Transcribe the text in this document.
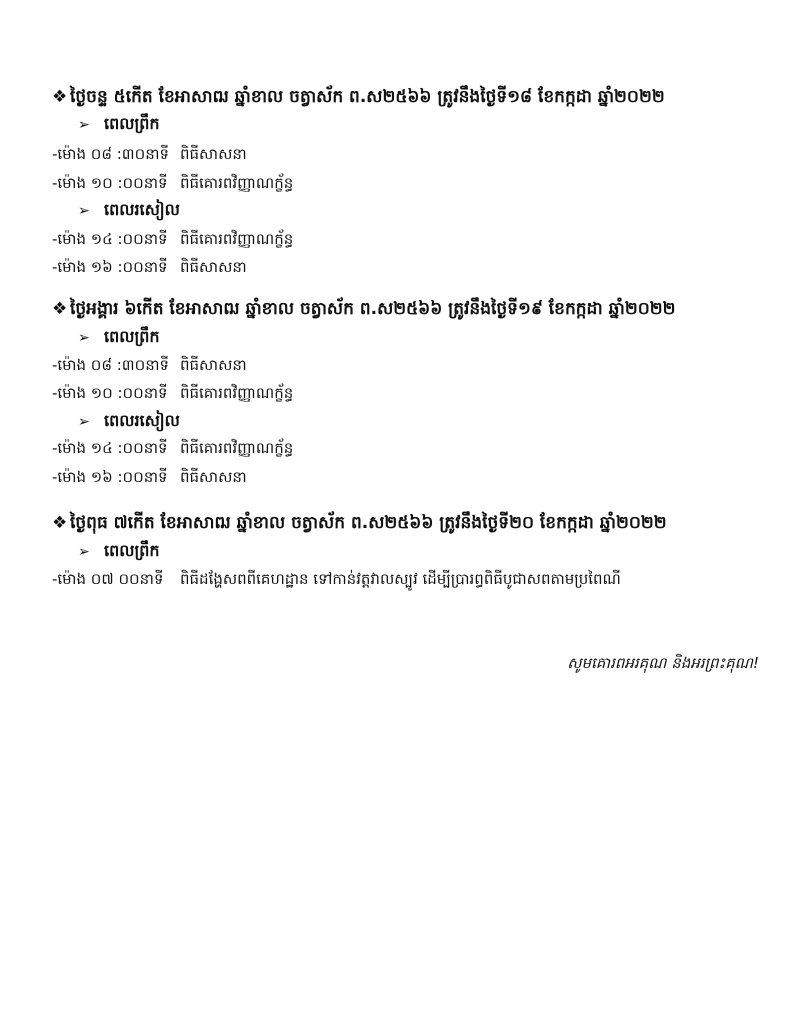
❖ ថ្ងៃចន្ទ ៥កេីត ខែអាសាឍ ឆ្នាំខាល ចត្វាស័ក ព.ស២៥៦៦ ត្រូវនឹងថ្ងៃទី១៨ ខែកក្កដា ឆ្នាំ២០២២
➢ ពេលព្រឹក
-ម៉ោង ០៨ :៣០នាទី ពិធីសាសនា
-ម៉ោង ១០ :០០នាទី ពិធីគោរពវិញ្ញាណក្ខ័ន្ធ
➢ ពេលរសៀល
-ម៉ោង ១៤ :០០នាទី ពិធីគោរពវិញ្ញាណក្ខ័ន្ធ
-ម៉ោង ១៦ :០០នាទី ពិធីសាសនា
❖ ថ្ងៃអង្គារ ៦កេីត ខែអាសាឍ ឆ្នាំខាល ចត្វាស័ក ព.ស២៥៦៦ ត្រូវនឹងថ្ងៃទី១៩ ខែកក្កដា ឆ្នាំ២០២២
➢ ពេលព្រឹក
-ម៉ោង ០៨ :៣០នាទី ពិធីសាសនា
-ម៉ោង ១០ :០០នាទី ពិធីគោរពវិញ្ញាណក្ខ័ន្ធ
➢ ពេលរសៀល
-ម៉ោង ១៤ :០០នាទី ពិធីគោរពវិញ្ញាណក្ខ័ន្ធ
-ម៉ោង ១៦ :០០នាទី ពិធីសាសនា
❖ ថ្ងៃពុធ ៧កេីត ខែអាសាឍ ឆ្នាំខាល ចត្វាស័ក ព.ស២៥៦៦ ត្រូវនឹងថ្ងៃទី២០ ខែកក្កដា ឆ្នាំ២០២២
➢ ពេលព្រឹក
-ម៉ោង ០៧ ០០នាទី ពិធីដង្ហែសពពីគេហដ្ឋាន ទៅកាន់វត្តវាលស្បូវ ដើម្បីប្រារព្ធពិធីបូជាសពតាមប្រពៃណី
សូមគោរពអរគុណ និងអរព្រះគុណ!
